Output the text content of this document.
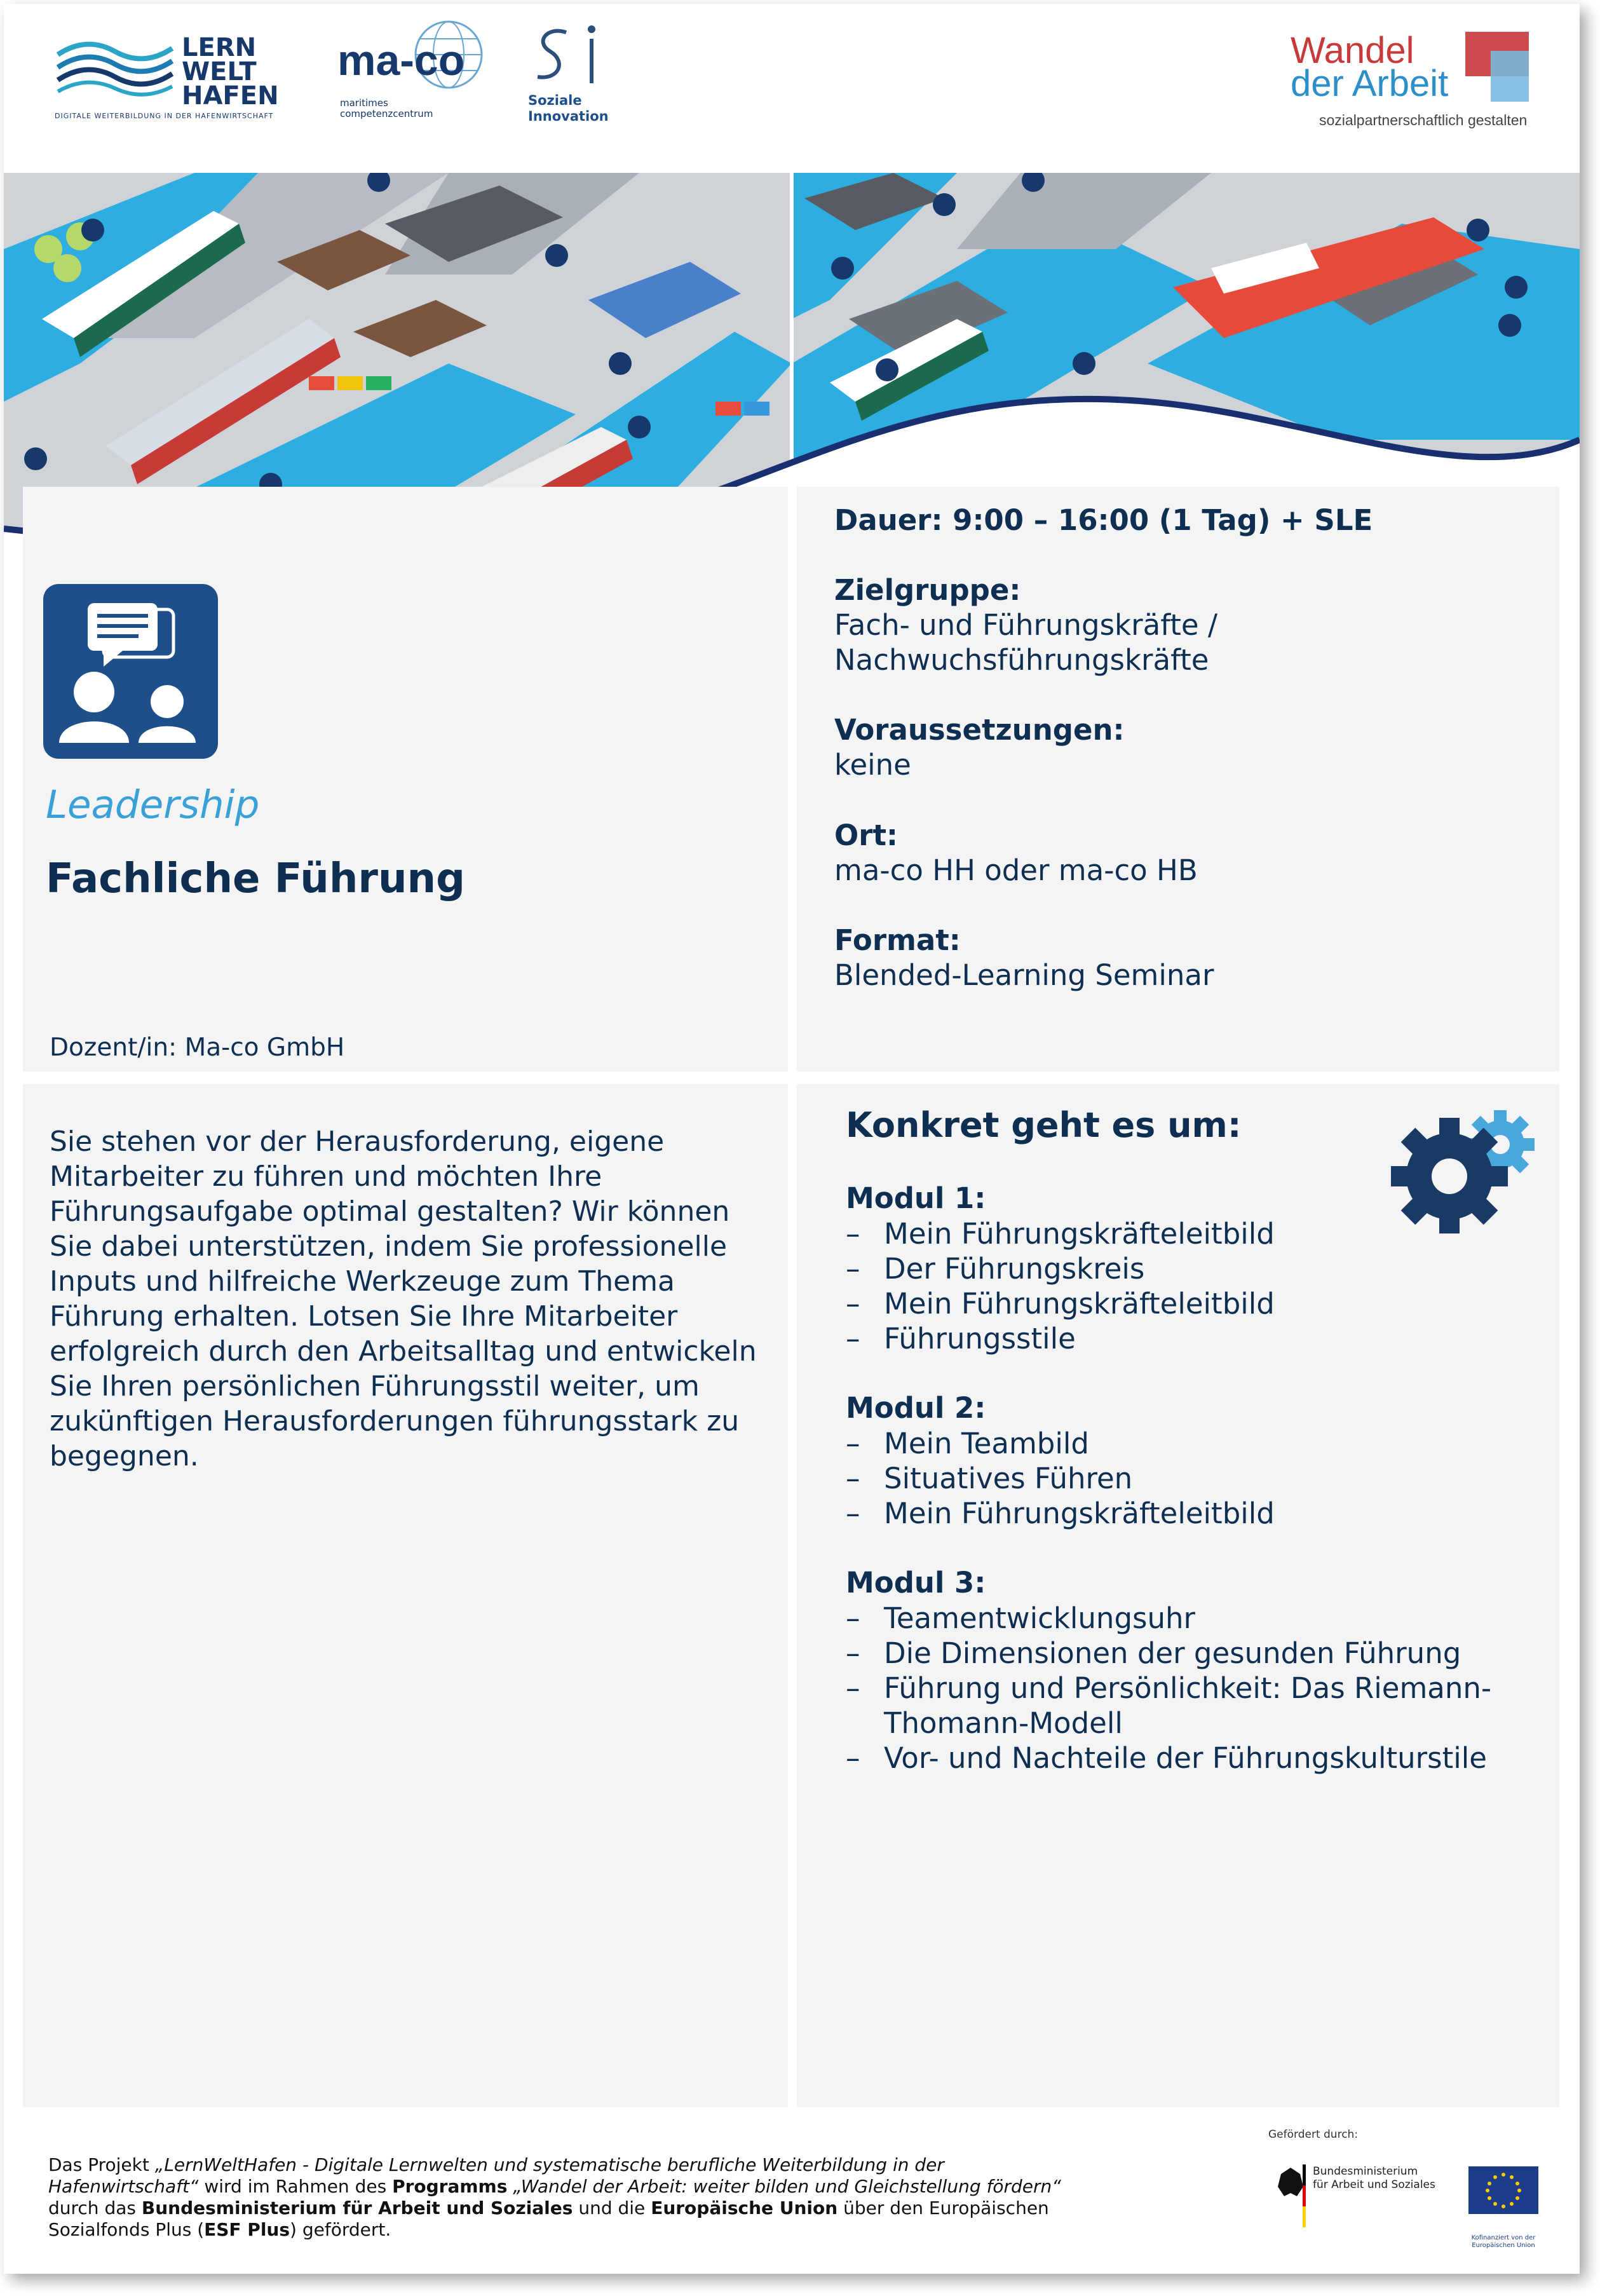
LERN
WELT
HAFEN
DIGITALE WEITERBILDUNG IN DER HAFENWIRTSCHAFT
ma-co
maritimes
competenzcentrum
Soziale
Innovation
Wandel
der Arbeit
sozialpartnerschaftlich gestalten
Leadership
Fachliche Führung
Dozent/in: Ma-co GmbH
Dauer: 9:00 – 16:00 (1 Tag) + SLE
Zielgruppe:
Fach- und Führungskräfte /
Nachwuchsführungskräfte
Voraussetzungen:
keine
Ort:
ma-co HH oder ma-co HB
Format:
Blended-Learning Seminar
Sie stehen vor der Herausforderung, eigene Mitarbeiter zu führen und möchten Ihre Führungsaufgabe optimal gestalten? Wir können Sie dabei unterstützen, indem Sie professionelle Inputs und hilfreiche Werkzeuge zum Thema Führung erhalten. Lotsen Sie Ihre Mitarbeiter erfolgreich durch den Arbeitsalltag und entwickeln Sie Ihren persönlichen Führungsstil weiter, um zukünftigen Herausforderungen führungsstark zu begegnen.
Konkret geht es um:
Modul 1:
– Mein Führungskräfteleitbild
– Der Führungskreis
– Mein Führungskräfteleitbild
– Führungsstile
Modul 2:
– Mein Teambild
– Situatives Führen
– Mein Führungskräfteleitbild
Modul 3:
– Teamentwicklungsuhr
– Die Dimensionen der gesunden Führung
– Führung und Persönlichkeit: Das Riemann-
Thomann-Modell
– Vor- und Nachteile der Führungskulturstile
Das Projekt „LernWeltHafen - Digitale Lernwelten und systematische berufliche Weiterbildung in der Hafenwirtschaft“ wird im Rahmen des Programms „Wandel der Arbeit: weiter bilden und Gleichstellung fördern“ durch das Bundesministerium für Arbeit und Soziales und die Europäische Union über den Europäischen Sozialfonds Plus (ESF Plus) gefördert.
Gefördert durch:
Bundesministerium
für Arbeit und Soziales
Kofinanziert von der
Europäischen Union
